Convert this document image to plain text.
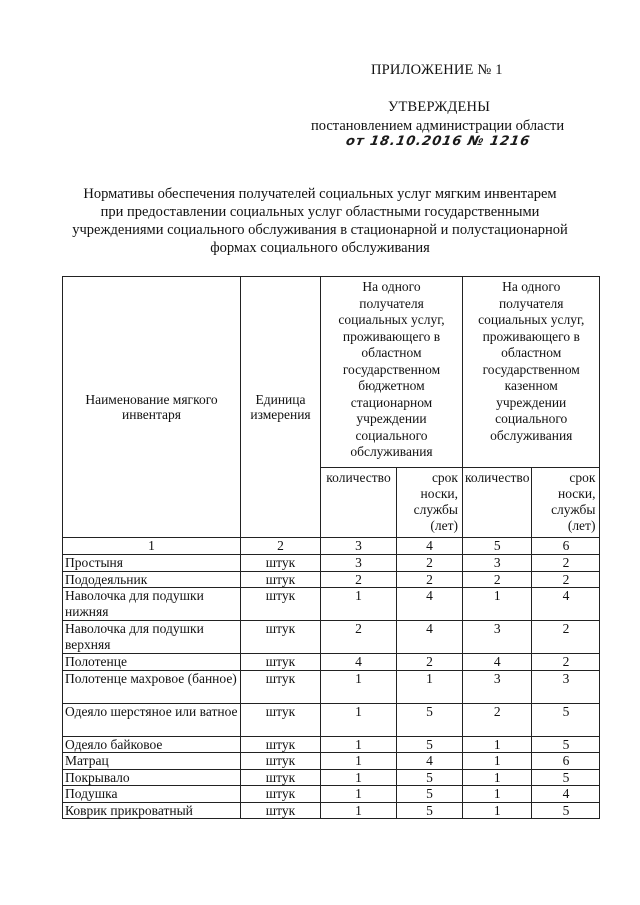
ПРИЛОЖЕНИЕ № 1
УТВЕРЖДЕНЫ
постановлением администрации области
от 18.10.2016 № 1216
Нормативы обеспечения получателей социальных услуг мягким инвентарем
при предоставлении социальных услуг областными государственными
учреждениями социального обслуживания в стационарной и полустационарной
формах социального обслуживания
Наименование мягкого инвентаря	Единица измерения	На одного получателя социальных услуг, проживающего в областном государственном бюджетном стационарном учреждении социального обслуживания		На одного получателя социальных услуг, проживающего в областном государственном казенном учреждении социального обслуживания	
		количество	срок носки, службы (лет)	количество	срок носки, службы (лет)
1	2	3	4	5	6
Простыня	штук	3	2	3	2
Пододеяльник	штук	2	2	2	2
Наволочка для подушки нижняя	штук	1	4	1	4
Наволочка для подушки верхняя	штук	2	4	3	2
Полотенце	штук	4	2	4	2
Полотенце махровое (банное)	штук	1	1	3	3
Одеяло шерстяное или ватное	штук	1	5	2	5
Одеяло байковое	штук	1	5	1	5
Матрац	штук	1	4	1	6
Покрывало	штук	1	5	1	5
Подушка	штук	1	5	1	4
Коврик прикроватный	штук	1	5	1	5
